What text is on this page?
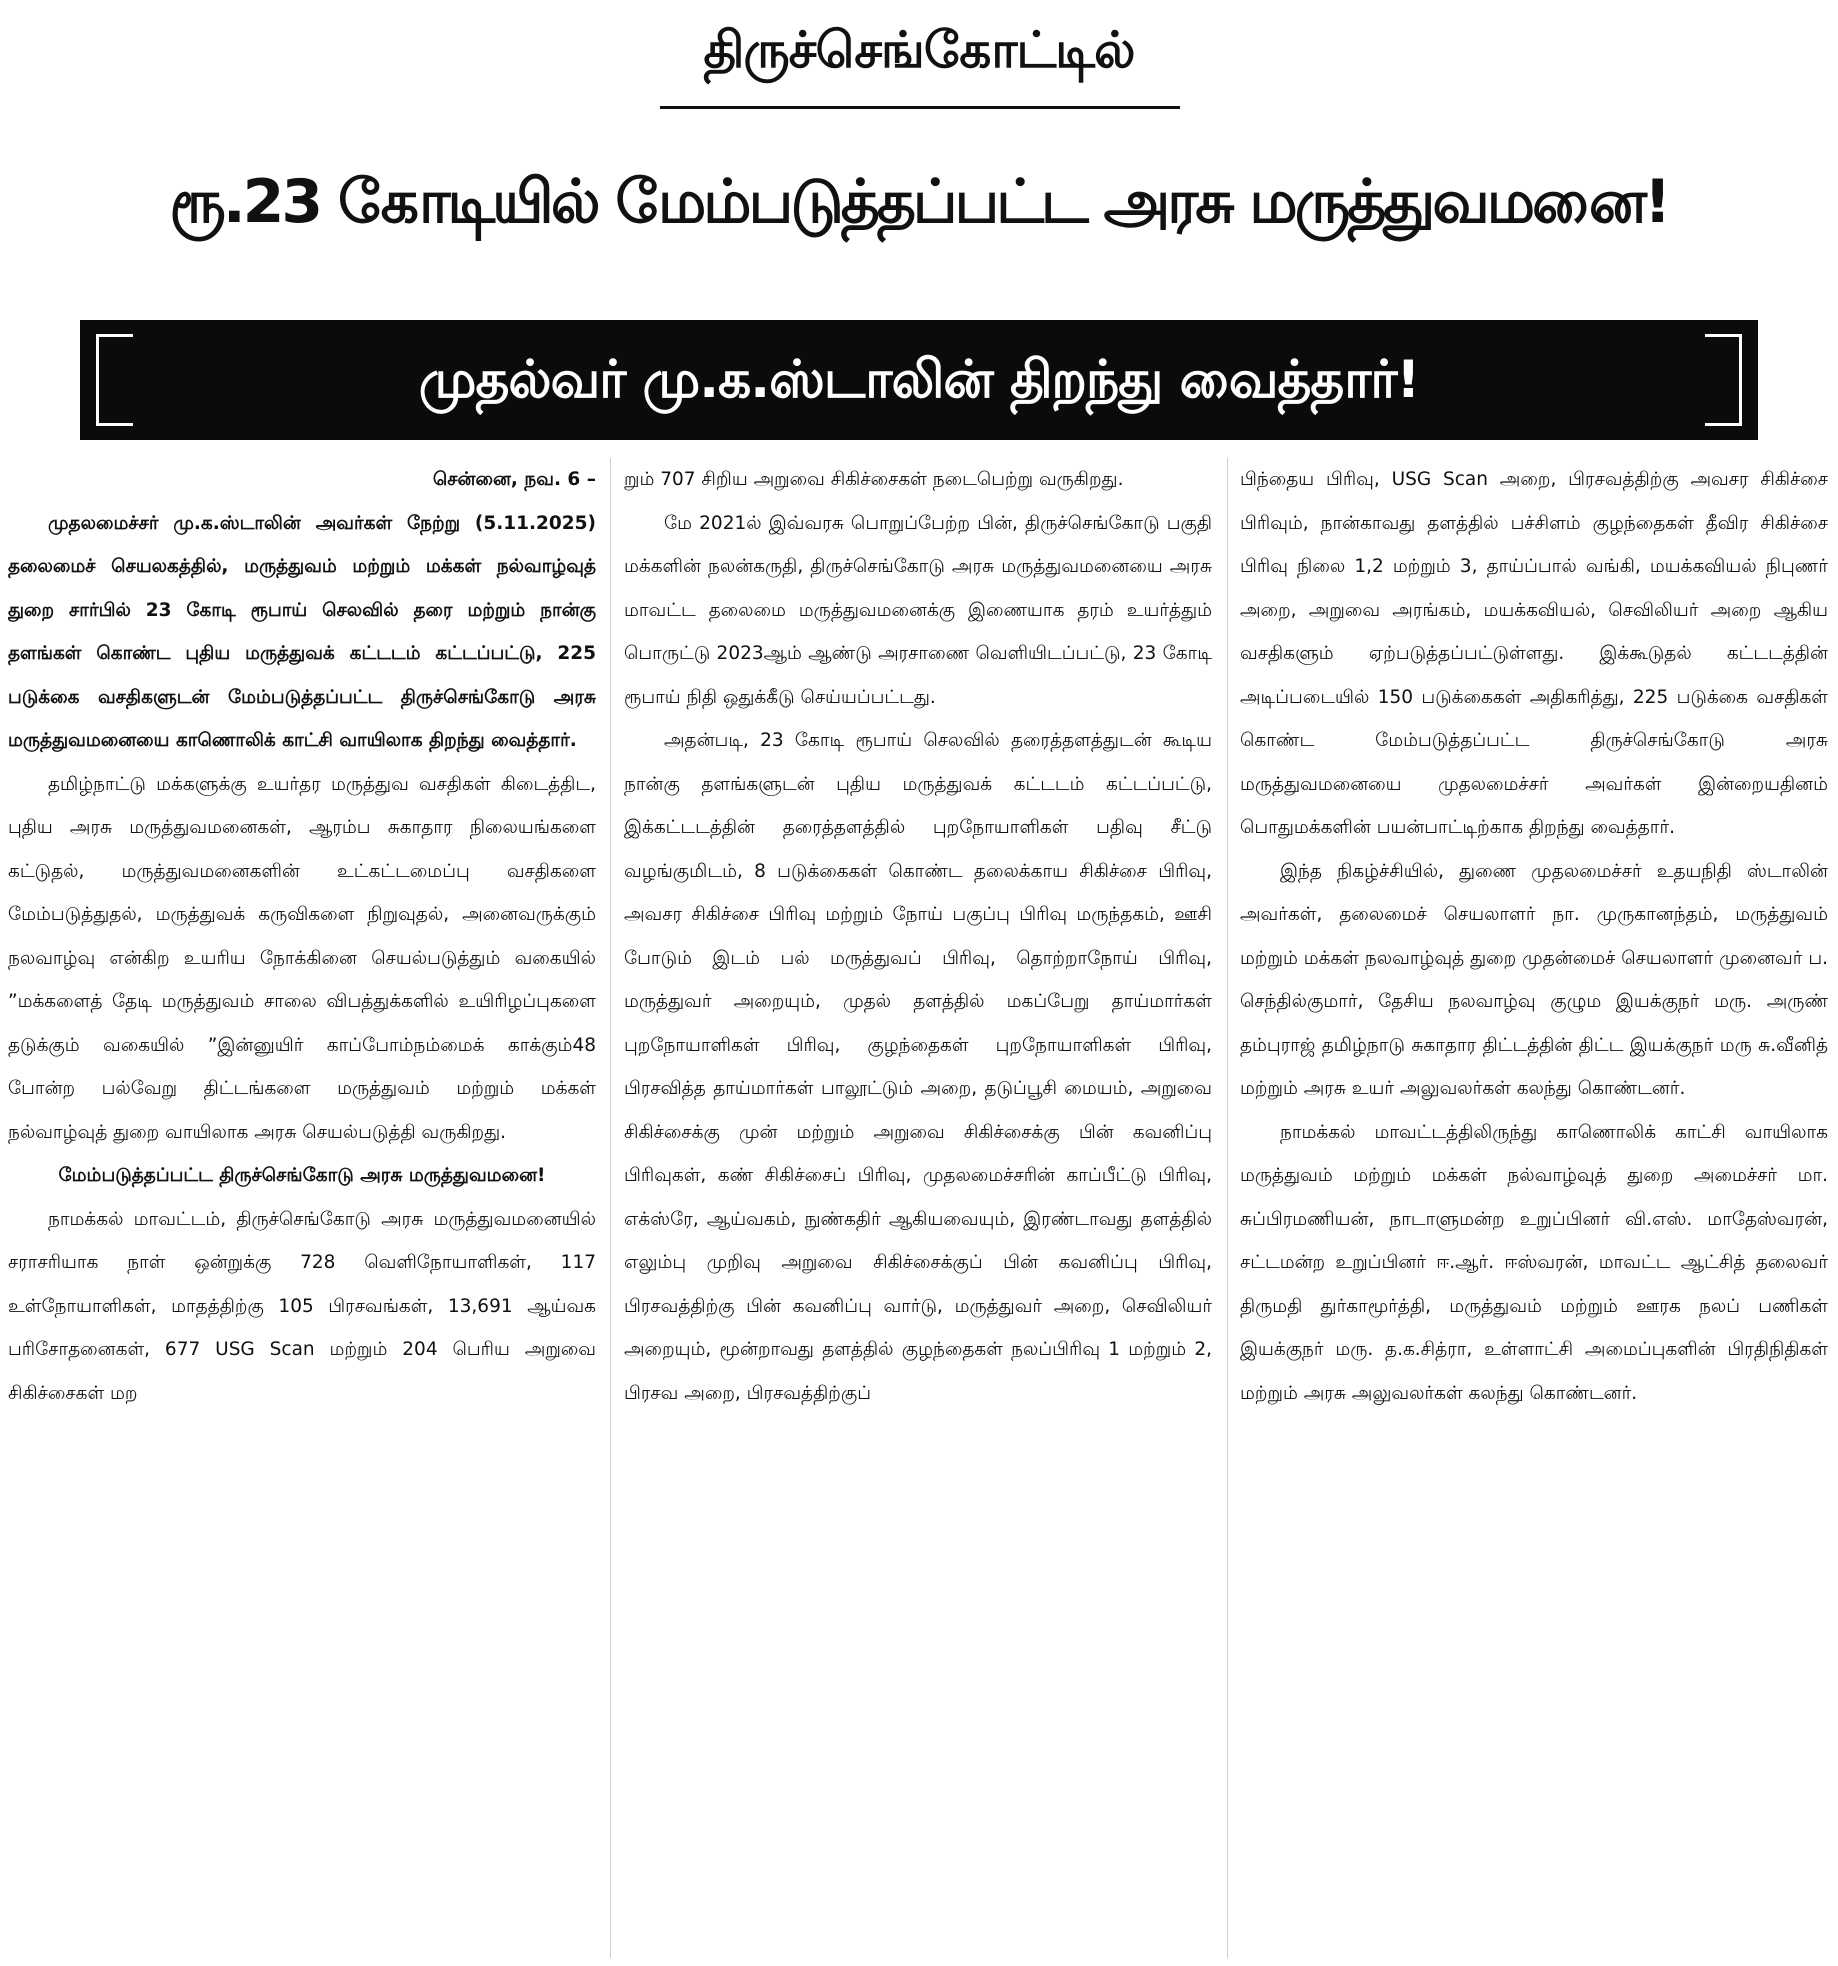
திருச்செங்கோட்டில்
ரூ.23 கோடியில் மேம்படுத்தப்பட்ட அரசு மருத்துவமனை!
முதல்வர் மு.க.ஸ்டாலின் திறந்து வைத்தார்!

சென்னை, நவ. 6 –

முதலமைச்சர் மு.க.ஸ்டாலின் அவர்கள் நேற்று (5.11.2025) தலைமைச் செயலகத்தில், மருத்துவம் மற்றும் மக்கள் நல்வாழ்வுத் துறை சார்பில் 23 கோடி ரூபாய் செலவில் தரை மற்றும் நான்கு தளங்கள் கொண்ட புதிய மருத்துவக் கட்டடம் கட்டப்பட்டு, 225 படுக்கை வசதிகளுடன் மேம்படுத்தப்பட்ட திருச்செங்கோடு அரசு மருத்துவமனையை காணொலிக் காட்சி வாயிலாக திறந்து வைத்தார்.

தமிழ்நாட்டு மக்களுக்கு உயர்தர மருத்துவ வசதிகள் கிடைத்திட, புதிய அரசு மருத்துவமனைகள், ஆரம்ப சுகாதார நிலையங்களை கட்டுதல், மருத்துவமனைகளின் உட்கட்டமைப்பு வசதிகளை மேம்படுத்துதல், மருத்துவக் கருவிகளை நிறுவுதல், அனைவருக்கும் நலவாழ்வு என்கிற உயரிய நோக்கினை செயல்படுத்தும் வகையில் ”மக்களைத் தேடி மருத்துவம் சாலை விபத்துக்களில் உயிரிழப்புகளை தடுக்கும் வகையில் ”இன்னுயிர் காப்போம்நம்மைக் காக்கும்48 போன்ற பல்வேறு திட்டங்களை மருத்துவம் மற்றும் மக்கள் நல்வாழ்வுத் துறை வாயிலாக அரசு செயல்படுத்தி வருகிறது.

மேம்படுத்தப்பட்ட திருச்செங்கோடு அரசு மருத்துவமனை!

நாமக்கல் மாவட்டம், திருச்செங்கோடு அரசு மருத்துவமனையில் சராசரியாக நாள் ஒன்றுக்கு 728 வெளிநோயாளிகள், 117 உள்நோயாளிகள், மாதத்திற்கு 105 பிரசவங்கள், 13,691 ஆய்வக பரிசோதனைகள், 677 USG Scan மற்றும் 204 பெரிய அறுவை சிகிச்சைகள் மற

றும் 707 சிறிய அறுவை சிகிச்சைகள் நடைபெற்று வருகிறது.

மே 2021ல் இவ்வரசு பொறுப்பேற்ற பின், திருச்செங்கோடு பகுதி மக்களின் நலன்கருதி, திருச்செங்கோடு அரசு மருத்துவமனையை அரசு மாவட்ட தலைமை மருத்துவமனைக்கு இணையாக தரம் உயர்த்தும் பொருட்டு 2023ஆம் ஆண்டு அரசாணை வெளியிடப்பட்டு, 23 கோடி ரூபாய் நிதி ஒதுக்கீடு செய்யப்பட்டது.

அதன்படி, 23 கோடி ரூபாய் செலவில் தரைத்தளத்துடன் கூடிய நான்கு தளங்களுடன் புதிய மருத்துவக் கட்டடம் கட்டப்பட்டு, இக்கட்டடத்தின் தரைத்தளத்தில் புறநோயாளிகள் பதிவு சீட்டு வழங்குமிடம், 8 படுக்கைகள் கொண்ட தலைக்காய சிகிச்சை பிரிவு, அவசர சிகிச்சை பிரிவு மற்றும் நோய் பகுப்பு பிரிவு மருந்தகம், ஊசி போடும் இடம் பல் மருத்துவப் பிரிவு, தொற்றாநோய் பிரிவு, மருத்துவர் அறையும், முதல் தளத்தில் மகப்பேறு தாய்மார்கள் புறநோயாளிகள் பிரிவு, குழந்தைகள் புறநோயாளிகள் பிரிவு, பிரசவித்த தாய்மார்கள் பாலூட்டும் அறை, தடுப்பூசி மையம், அறுவை சிகிச்சைக்கு முன் மற்றும் அறுவை சிகிச்சைக்கு பின் கவனிப்பு பிரிவுகள், கண் சிகிச்சைப் பிரிவு, முதலமைச்சரின் காப்பீட்டு பிரிவு, எக்ஸ்ரே, ஆய்வகம், நுண்கதிர் ஆகியவையும், இரண்டாவது தளத்தில் எலும்பு முறிவு அறுவை சிகிச்சைக்குப் பின் கவனிப்பு பிரிவு, பிரசவத்திற்கு பின் கவனிப்பு வார்டு, மருத்துவர் அறை, செவிலியர் அறையும், மூன்றாவது தளத்தில் குழந்தைகள் நலப்பிரிவு 1 மற்றும் 2, பிரசவ அறை, பிரசவத்திற்குப்

பிந்தைய பிரிவு, USG Scan அறை, பிரசவத்திற்கு அவசர சிகிச்சை பிரிவும், நான்காவது தளத்தில் பச்சிளம் குழந்தைகள் தீவிர சிகிச்சை பிரிவு நிலை 1,2 மற்றும் 3, தாய்ப்பால் வங்கி, மயக்கவியல் நிபுணர் அறை, அறுவை அரங்கம், மயக்கவியல், செவிலியர் அறை ஆகிய வசதிகளும் ஏற்படுத்தப்பட்டுள்ளது. இக்கூடுதல் கட்டடத்தின் அடிப்படையில் 150 படுக்கைகள் அதிகரித்து, 225 படுக்கை வசதிகள் கொண்ட மேம்படுத்தப்பட்ட திருச்செங்கோடு அரசு மருத்துவமனையை முதலமைச்சர் அவர்கள் இன்றையதினம் பொதுமக்களின் பயன்பாட்டிற்காக திறந்து வைத்தார்.

இந்த நிகழ்ச்சியில், துணை முதலமைச்சர் உதயநிதி ஸ்டாலின் அவர்கள், தலைமைச் செயலாளர் நா. முருகானந்தம், மருத்துவம் மற்றும் மக்கள் நலவாழ்வுத் துறை முதன்மைச் செயலாளர் முனைவர் ப. செந்தில்குமார், தேசிய நலவாழ்வு குழும இயக்குநர் மரு. அருண் தம்புராஜ் தமிழ்நாடு சுகாதார திட்டத்தின் திட்ட இயக்குநர் மரு சு.வீனித் மற்றும் அரசு உயர் அலுவலர்கள் கலந்து கொண்டனர்.

நாமக்கல் மாவட்டத்திலிருந்து காணொலிக் காட்சி வாயிலாக மருத்துவம் மற்றும் மக்கள் நல்வாழ்வுத் துறை அமைச்சர் மா. சுப்பிரமணியன், நாடாளுமன்ற உறுப்பினர் வி.எஸ். மாதேஸ்வரன், சட்டமன்ற உறுப்பினர் ஈ.ஆர். ஈஸ்வரன், மாவட்ட ஆட்சித் தலைவர் திருமதி துர்காமூர்த்தி, மருத்துவம் மற்றும் ஊரக நலப் பணிகள் இயக்குநர் மரு. த.க.சித்ரா, உள்ளாட்சி அமைப்புகளின் பிரதிநிதிகள் மற்றும் அரசு அலுவலர்கள் கலந்து கொண்டனர்.
